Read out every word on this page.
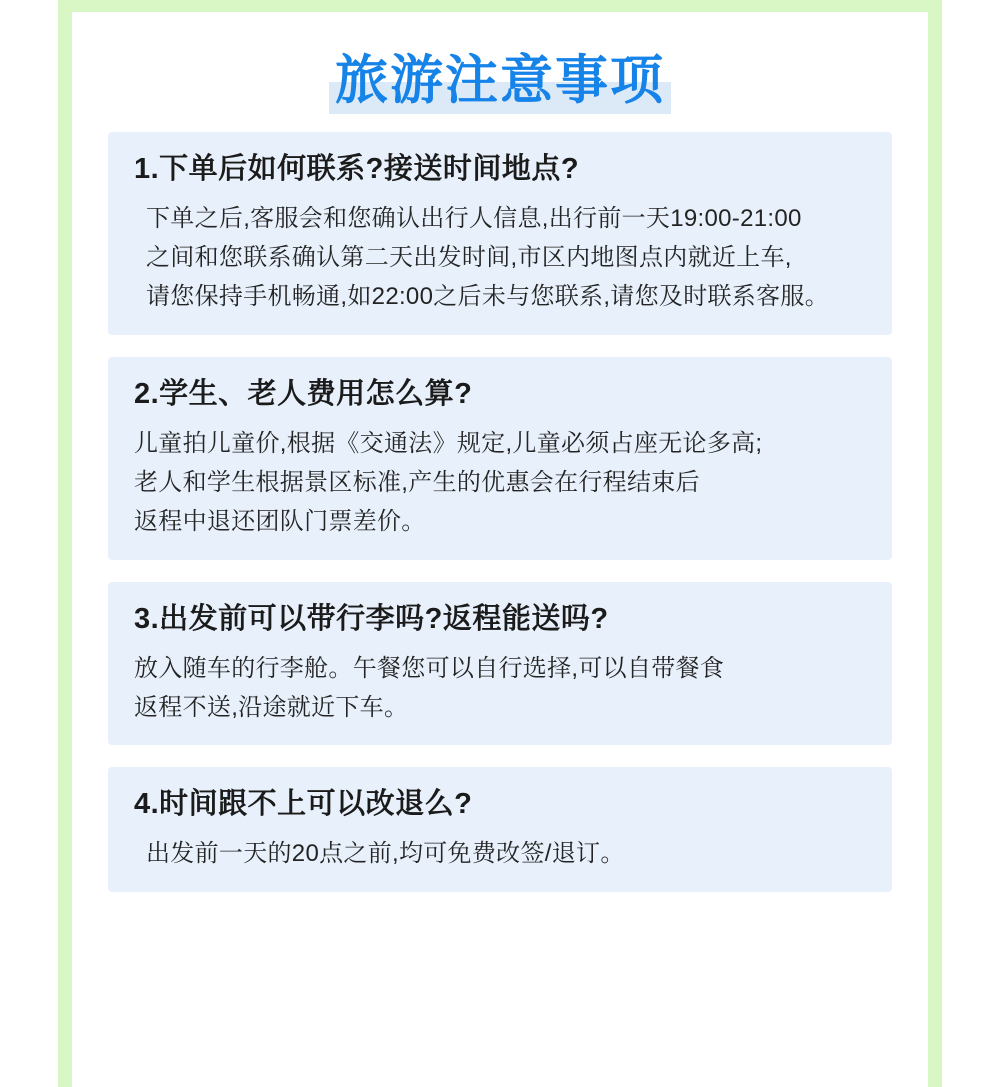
旅游注意事项
1.下单后如何联系?接送时间地点?
下单之后,客服会和您确认出行人信息,出行前一天19:00-21:00
之间和您联系确认第二天出发时间,市区内地图点内就近上车,
请您保持手机畅通,如22:00之后未与您联系,请您及时联系客服。
2.学生、老人费用怎么算?
儿童拍儿童价,根据《交通法》规定,儿童必须占座无论多高;
老人和学生根据景区标准,产生的优惠会在行程结束后
返程中退还团队门票差价。
3.出发前可以带行李吗?返程能送吗?
放入随车的行李舱。午餐您可以自行选择,可以自带餐食
返程不送,沿途就近下车。
4.时间跟不上可以改退么?
出发前一天的20点之前,均可免费改签/退订。
